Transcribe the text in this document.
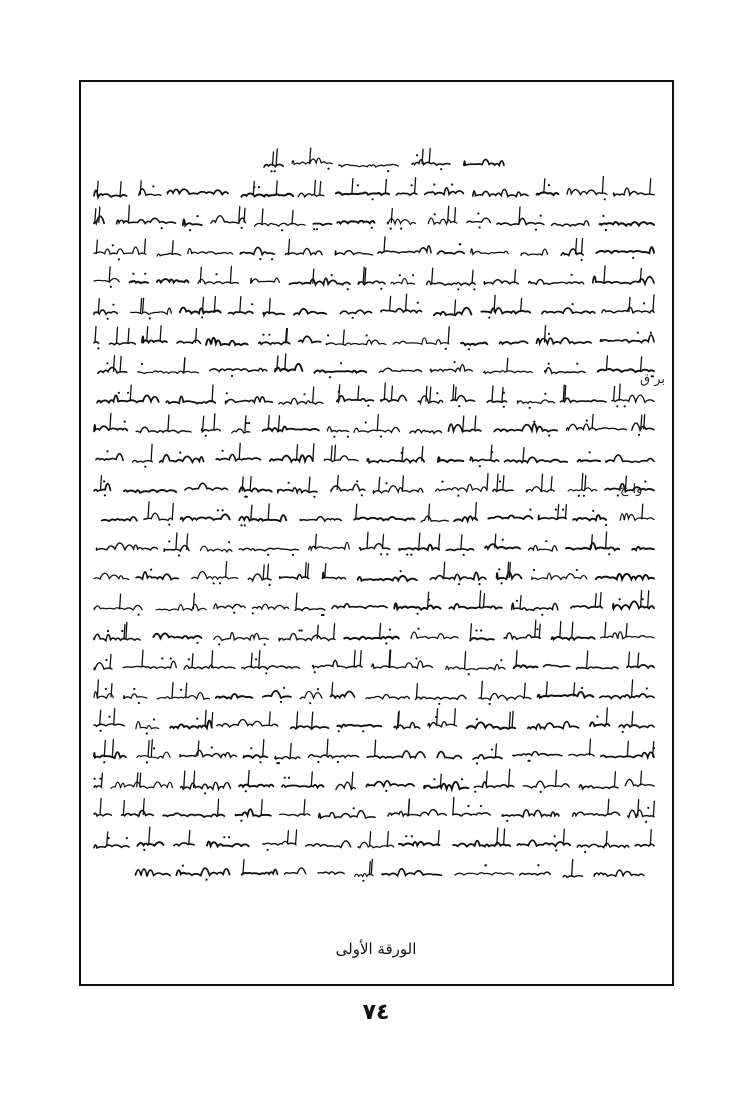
بر ق
وا ح
الورقة الأولى
٧٤
